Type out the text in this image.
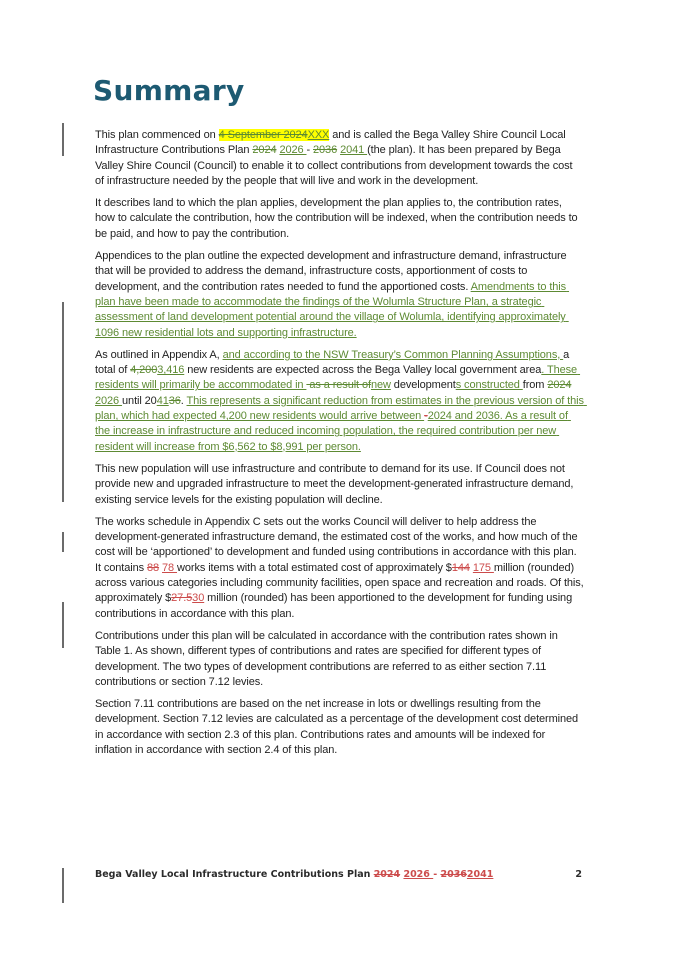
Summary

This plan commenced on 4 September 2024XXX and is called the Bega Valley Shire Council Local Infrastructure Contributions Plan 2024 2026 - 2036 2041 (the plan). It has been prepared by Bega Valley Shire Council (Council) to enable it to collect contributions from development towards the cost of infrastructure needed by the people that will live and work in the development.

It describes land to which the plan applies, development the plan applies to, the contribution rates, how to calculate the contribution, how the contribution will be indexed, when the contribution needs to be paid, and how to pay the contribution.

Appendices to the plan outline the expected development and infrastructure demand, infrastructure that will be provided to address the demand, infrastructure costs, apportionment of costs to development, and the contribution rates needed to fund the apportioned costs. Amendments to this plan have been made to accommodate the findings of the Wolumla Structure Plan, a strategic assessment of land development potential around the village of Wolumla, identifying approximately 1096 new residential lots and supporting infrastructure.

As outlined in Appendix A, and according to the NSW Treasury’s Common Planning Assumptions, a total of 4,2003,416 new residents are expected across the Bega Valley local government area. These residents will primarily be accommodated in  as a result ofnew developments constructed from 2024 2026 until 204136. This represents a significant reduction from estimates in the previous version of this plan, which had expected 4,200 new residents would arrive between -2024 and 2036. As a result of the increase in infrastructure and reduced incoming population, the required contribution per new resident will increase from $6,562 to $8,991 per person.

This new population will use infrastructure and contribute to demand for its use. If Council does not provide new and upgraded infrastructure to meet the development-generated infrastructure demand, existing service levels for the existing population will decline.

The works schedule in Appendix C sets out the works Council will deliver to help address the development-generated infrastructure demand, the estimated cost of the works, and how much of the cost will be ‘apportioned’ to development and funded using contributions in accordance with this plan. It contains 88 78 works items with a total estimated cost of approximately $144 175 million (rounded) across various categories including community facilities, open space and recreation and roads. Of this, approximately $27.530 million (rounded) has been apportioned to the development for funding using contributions in accordance with this plan.

Contributions under this plan will be calculated in accordance with the contribution rates shown in Table 1. As shown, different types of contributions and rates are specified for different types of development. The two types of development contributions are referred to as either section 7.11 contributions or section 7.12 levies.

Section 7.11 contributions are based on the net increase in lots or dwellings resulting from the development. Section 7.12 levies are calculated as a percentage of the development cost determined in accordance with section 2.3 of this plan. Contributions rates and amounts will be indexed for inflation in accordance with section 2.4 of this plan.

Bega Valley Local Infrastructure Contributions Plan 2024 2026 - 20362041	2
